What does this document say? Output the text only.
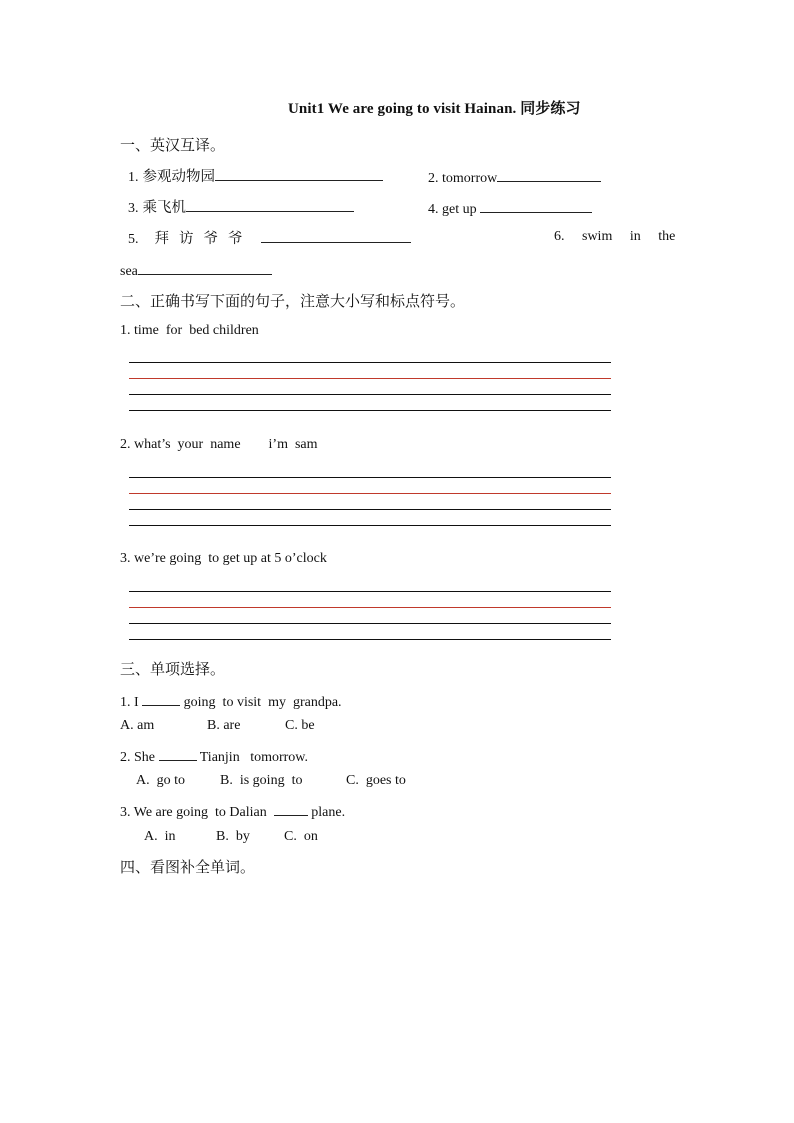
Unit1 We are going to visit Hainan. 同步练习
一、英汉互译。
1. 参观动物园	2. tomorrow
3. 乘飞机	4. get up
5. 拜 访 爷 爷	6. swim in the
sea
二、正确书写下面的句子，注意大小写和标点符号。
1. time  for  bed children
2. what’s  your  name        i’m  sam
3. we’re going  to get up at 5 o’clock
三、单项选择。
1. I	going  to visit  my  grandpa.
A. am	B. are	C. be
2. She	Tianjin   tomorrow.
A.  go to	B.  is going  to	C.  goes to
3. We are going  to Dalian   plane.
A.  in	B.  by C.  on
四、看图补全单词。
